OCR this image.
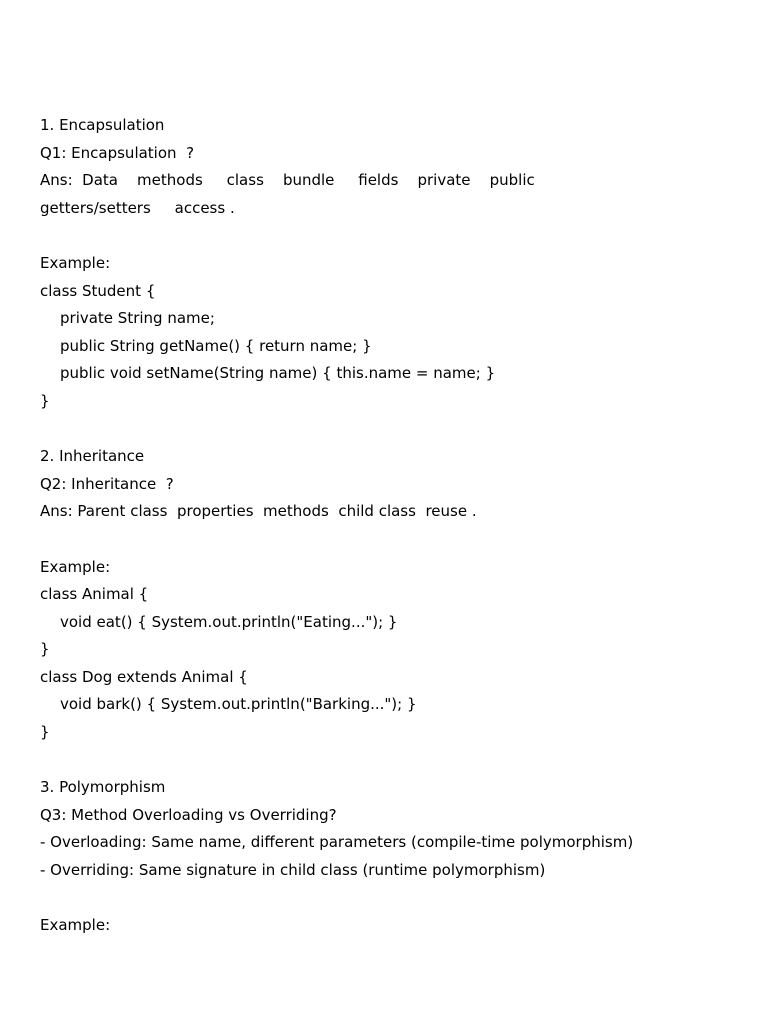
1. Encapsulation
Q1: Encapsulation  ?
Ans:  Data    methods     class    bundle     fields    private    public
getters/setters     access .
Example:
class Student {
private String name;
public String getName() { return name; }
public void setName(String name) { this.name = name; }
}
2. Inheritance
Q2: Inheritance  ?
Ans: Parent class  properties  methods  child class  reuse .
Example:
class Animal {
void eat() { System.out.println("Eating..."); }
}
class Dog extends Animal {
void bark() { System.out.println("Barking..."); }
}
3. Polymorphism
Q3: Method Overloading vs Overriding?
- Overloading: Same name, different parameters (compile-time polymorphism)
- Overriding: Same signature in child class (runtime polymorphism)
Example:
